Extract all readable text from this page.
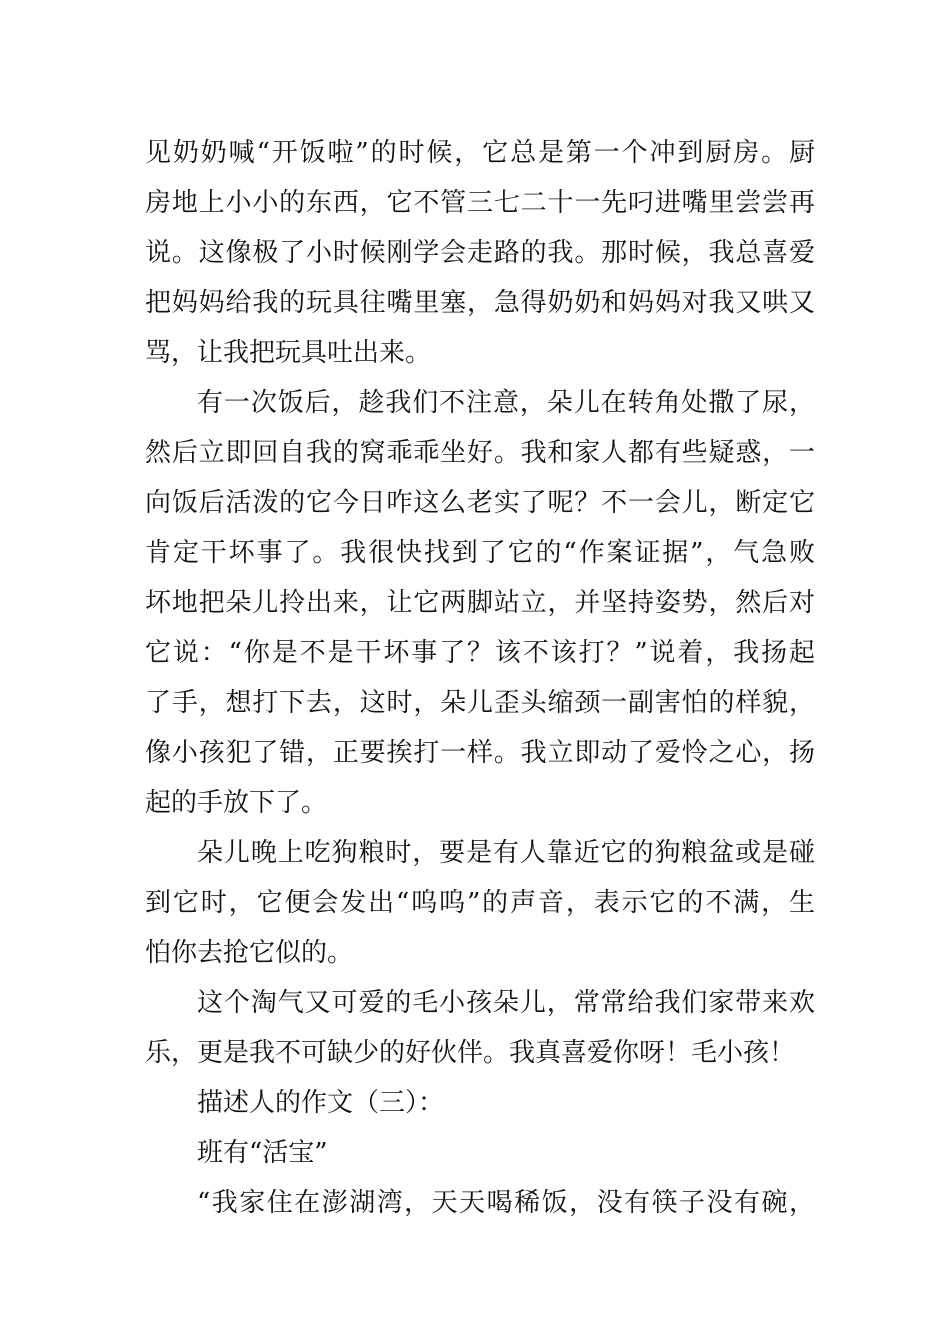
见奶奶喊“开饭啦”的时候，它总是第一个冲到厨房。厨
房地上小小的东西，它不管三七二十一先叼进嘴里尝尝再
说。这像极了小时候刚学会走路的我。那时候，我总喜爱
把妈妈给我的玩具往嘴里塞，急得奶奶和妈妈对我又哄又
骂，让我把玩具吐出来。
有一次饭后，趁我们不注意，朵儿在转角处撒了尿，
然后立即回自我的窝乖乖坐好。我和家人都有些疑惑，一
向饭后活泼的它今日咋这么老实了呢？不一会儿，断定它
肯定干坏事了。我很快找到了它的“作案证据”，气急败
坏地把朵儿拎出来，让它两脚站立，并坚持姿势，然后对
它说：“你是不是干坏事了？该不该打？”说着，我扬起
了手，想打下去，这时，朵儿歪头缩颈一副害怕的样貌，
像小孩犯了错，正要挨打一样。我立即动了爱怜之心，扬
起的手放下了。
朵儿晚上吃狗粮时，要是有人靠近它的狗粮盆或是碰
到它时，它便会发出“呜呜”的声音，表示它的不满，生
怕你去抢它似的。
这个淘气又可爱的毛小孩朵儿，常常给我们家带来欢
乐，更是我不可缺少的好伙伴。我真喜爱你呀！毛小孩！
描述人的作文（三）：
班有“活宝”
“我家住在澎湖湾，天天喝稀饭，没有筷子没有碗，
